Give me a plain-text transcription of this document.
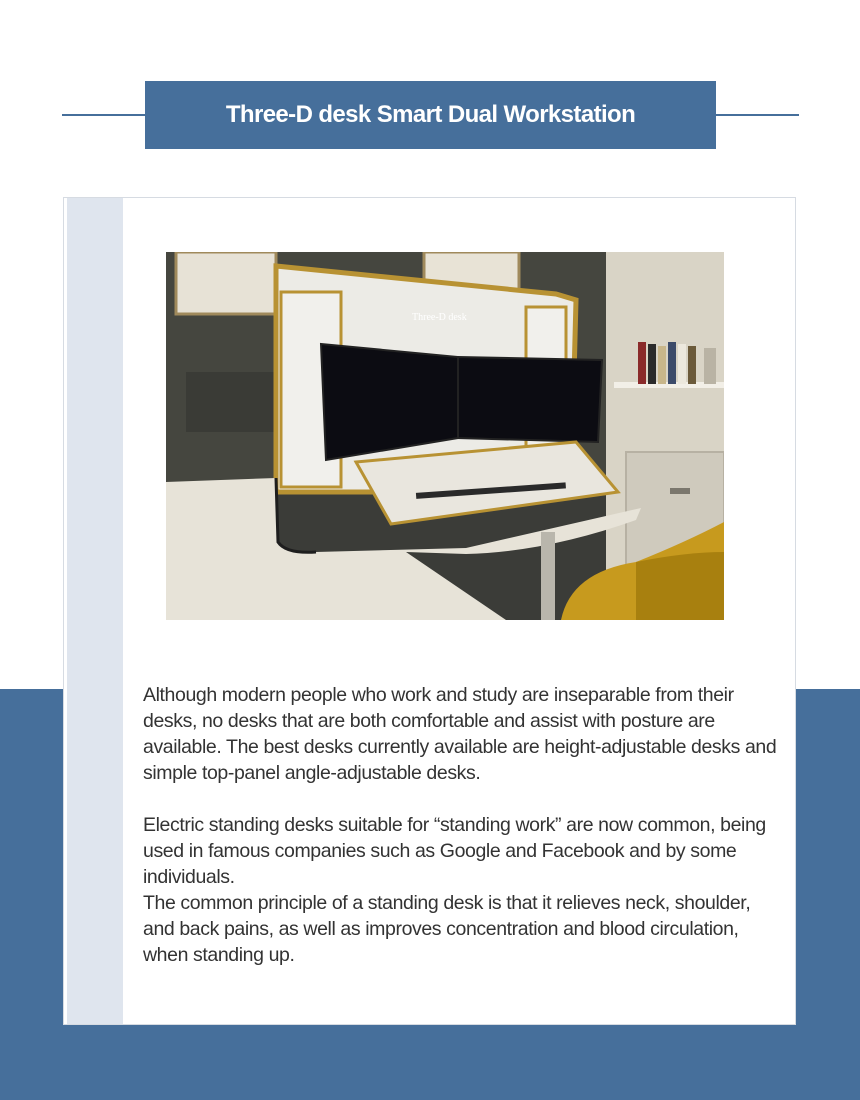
Three-D desk Smart Dual Workstation
Three-D desk

Although modern people who work and study are inseparable from their desks, no desks that are both comfortable and assist with posture are available. The best desks currently available are height-adjustable desks and simple top-panel angle-adjustable desks.

Electric standing desks suitable for “standing work” are now common, being used in famous companies such as Google and Facebook and by some individuals.

The common principle of a standing desk is that it relieves neck, shoulder, and back pains, as well as improves concentration and blood circulation, when standing up.
